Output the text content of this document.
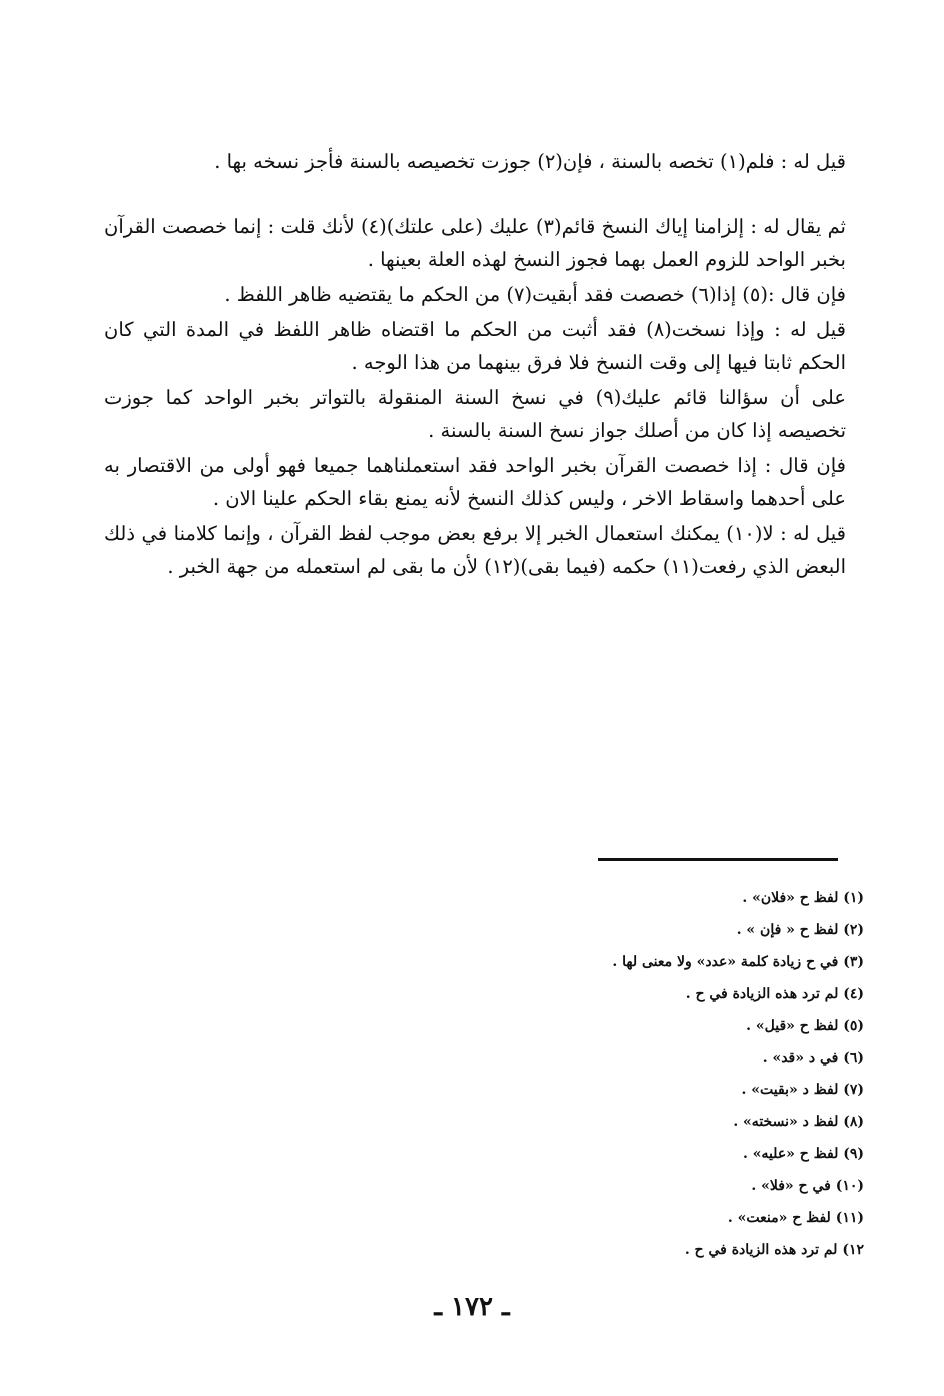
قيل له : فلم(١) تخصه بالسنة ، فإن(٢) جوزت تخصيصه بالسنة فأجز نسخه بها .

ثم يقال له : إلزامنا إياك النسخ قائم(٣) عليك (على علتك)(٤) لأنك قلت : إنما خصصت القرآن بخبر الواحد للزوم العمل بهما فجوز النسخ لهذه العلة بعينها .

فإن قال :(٥) إذا(٦) خصصت فقد أبقيت(٧) من الحكم ما يقتضيه ظاهر اللفظ .

قيل له : وإذا نسخت(٨) فقد أثبت من الحكم ما اقتضاه ظاهر اللفظ في المدة التي كان الحكم ثابتا فيها إلى وقت النسخ فلا فرق بينهما من هذا الوجه .

على أن سؤالنا قائم عليك(٩) في نسخ السنة المنقولة بالتواتر بخبر الواحد كما جوزت تخصيصه إذا كان من أصلك جواز نسخ السنة بالسنة .

فإن قال : إذا خصصت القرآن بخبر الواحد فقد استعملناهما جميعا فهو أولى من الاقتصار به على أحدهما واسقاط الاخر ، وليس كذلك النسخ لأنه يمنع بقاء الحكم علينا الان .

قيل له : لا(١٠) يمكنك استعمال الخبر إلا برفع بعض موجب لفظ القرآن ، وإنما كلامنا في ذلك البعض الذي رفعت(١١) حكمه (فيما بقى)(١٢) لأن ما بقى لم استعمله من جهة الخبر .

(١) لفظ ح «فلان» .

(٢) لفظ ح « فإن » .

(٣) في ح زيادة كلمة «عدد» ولا معنى لها .

(٤) لم ترد هذه الزيادة في ح .

(٥) لفظ ح «قيل» .

(٦) في د «قد» .

(٧) لفظ د «بقيت» .

(٨) لفظ د «نسخته» .

(٩) لفظ ح «عليه» .

(١٠) في ح «فلا» .

(١١) لفظ ح «منعت» .

١٢) لم ترد هذه الزيادة في ح .

ـ ١٧٢ ـ
